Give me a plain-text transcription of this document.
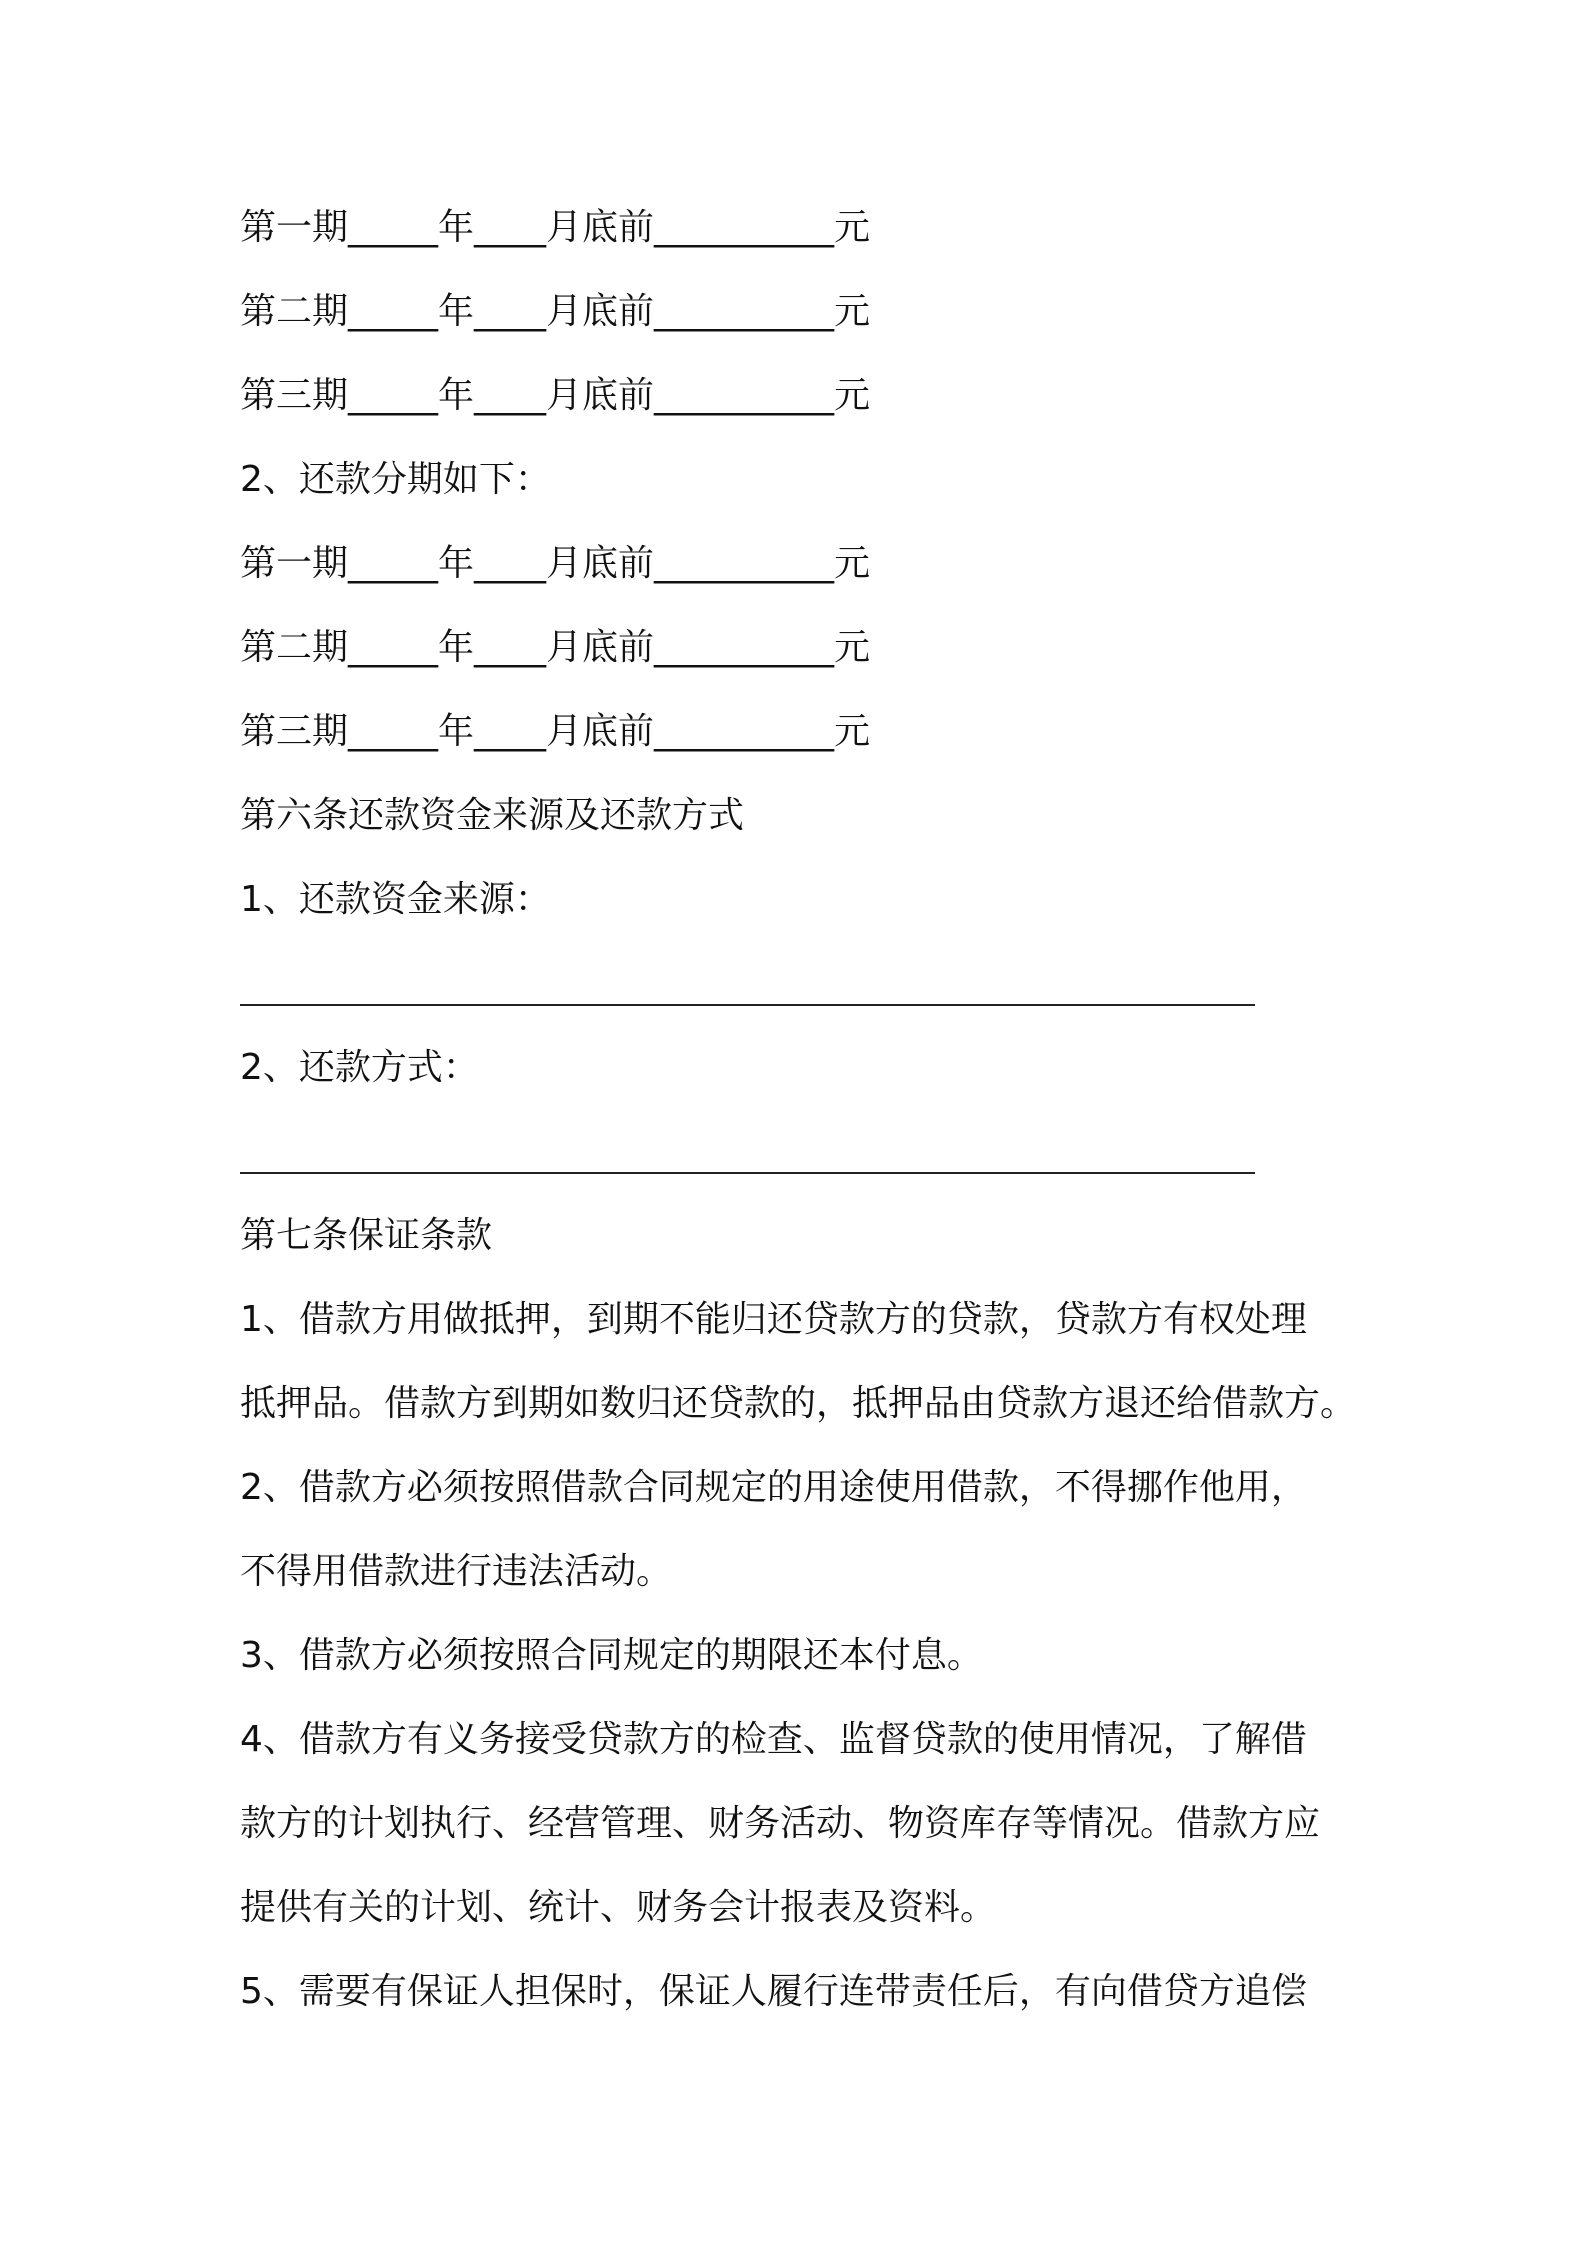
第一期_____年____月底前__________元
第二期_____年____月底前__________元
第三期_____年____月底前__________元
2、还款分期如下：
第一期_____年____月底前__________元
第二期_____年____月底前__________元
第三期_____年____月底前__________元
第六条还款资金来源及还款方式
1、还款资金来源：
2、还款方式：
第七条保证条款
1、借款方用做抵押，到期不能归还贷款方的贷款，贷款方有权处理
抵押品。借款方到期如数归还贷款的，抵押品由贷款方退还给借款方。
2、借款方必须按照借款合同规定的用途使用借款，不得挪作他用，
不得用借款进行违法活动。
3、借款方必须按照合同规定的期限还本付息。
4、借款方有义务接受贷款方的检查、监督贷款的使用情况，了解借
款方的计划执行、经营管理、财务活动、物资库存等情况。借款方应
提供有关的计划、统计、财务会计报表及资料。
5、需要有保证人担保时，保证人履行连带责任后，有向借贷方追偿
